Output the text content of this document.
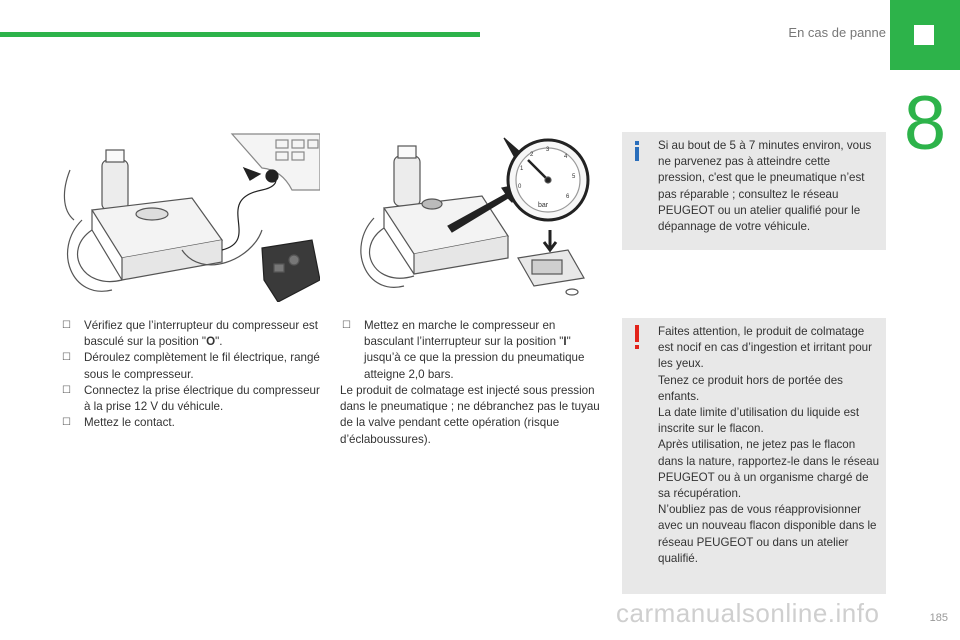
En cas de panne
8
bar
0
1
2
3
4
5
6
☐ Vérifiez que l’interrupteur du compresseur est basculé sur la position "O".
☐ Déroulez complètement le fil électrique, rangé sous le compresseur.
☐ Connectez la prise électrique du compresseur à la prise 12 V du véhicule.
☐ Mettez le contact.
☐ Mettez en marche le compresseur en basculant l’interrupteur sur la position "I" jusqu’à ce que la pression du pneumatique atteigne 2,0 bars.

Le produit de colmatage est injecté sous pression dans le pneumatique ; ne débranchez pas le tuyau de la valve pendant cette opération (risque d’éclaboussures).

Si au bout de 5 à 7 minutes environ, vous ne parvenez pas à atteindre cette pression, c'est que le pneumatique n’est pas réparable ; consultez le réseau PEUGEOT ou un atelier qualifié pour le dépannage de votre véhicule.
Faites attention, le produit de colmatage est nocif en cas d’ingestion et irritant pour les yeux.
Tenez ce produit hors de portée des enfants.
La date limite d’utilisation du liquide est inscrite sur le flacon.
Après utilisation, ne jetez pas le flacon dans la nature, rapportez-le dans le réseau PEUGEOT ou à un organisme chargé de sa récupération.
N’oubliez pas de vous réapprovisionner avec un nouveau flacon disponible dans le réseau PEUGEOT ou dans un atelier qualifié.
carmanualsonline.info	185
